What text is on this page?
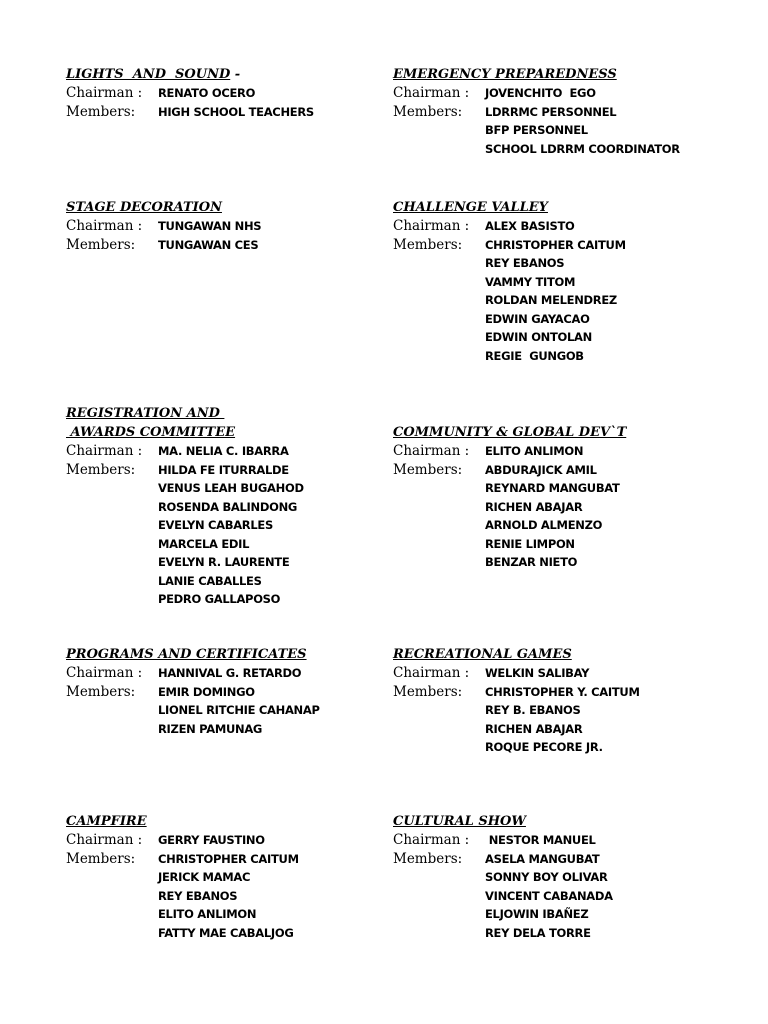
LIGHTS  AND  SOUND -
Chairman :	RENATO OCERO
Members:	HIGH SCHOOL TEACHERS
EMERGENCY PREPAREDNESS
Chairman :	JOVENCHITO  EGO
Members:	LDRRMC PERSONNEL
BFP PERSONNEL
SCHOOL LDRRM COORDINATOR
STAGE DECORATION
Chairman :	TUNGAWAN NHS
Members:	TUNGAWAN CES
CHALLENGE VALLEY
Chairman :	ALEX BASISTO
Members:	CHRISTOPHER CAITUM
REY EBANOS
VAMMY TITOM
ROLDAN MELENDREZ
EDWIN GAYACAO
EDWIN ONTOLAN
REGIE  GUNGOB
REGISTRATION AND
AWARDS COMMITTEE
Chairman :	MA. NELIA C. IBARRA
Members:	HILDA FE ITURRALDE
VENUS LEAH BUGAHOD
ROSENDA BALINDONG
EVELYN CABARLES
MARCELA EDIL
EVELYN R. LAURENTE
LANIE CABALLES
PEDRO GALLAPOSO
COMMUNITY & GLOBAL DEV`T
Chairman :	ELITO ANLIMON
Members:	ABDURAJICK AMIL
REYNARD MANGUBAT
RICHEN ABAJAR
ARNOLD ALMENZO
RENIE LIMPON
BENZAR NIETO
PROGRAMS AND CERTIFICATES
Chairman :	HANNIVAL G. RETARDO
Members:	EMIR DOMINGO
LIONEL RITCHIE CAHANAP
RIZEN PAMUNAG
RECREATIONAL GAMES
Chairman :	WELKIN SALIBAY
Members:	CHRISTOPHER Y. CAITUM
REY B. EBANOS
RICHEN ABAJAR
ROQUE PECORE JR.
CAMPFIRE
Chairman :	GERRY FAUSTINO
Members:	CHRISTOPHER CAITUM
JERICK MAMAC
REY EBANOS
ELITO ANLIMON
FATTY MAE CABALJOG
CULTURAL SHOW
Chairman :	NESTOR MANUEL
Members:	ASELA MANGUBAT
SONNY BOY OLIVAR
VINCENT CABANADA
ELJOWIN IBAÑEZ
REY DELA TORRE
